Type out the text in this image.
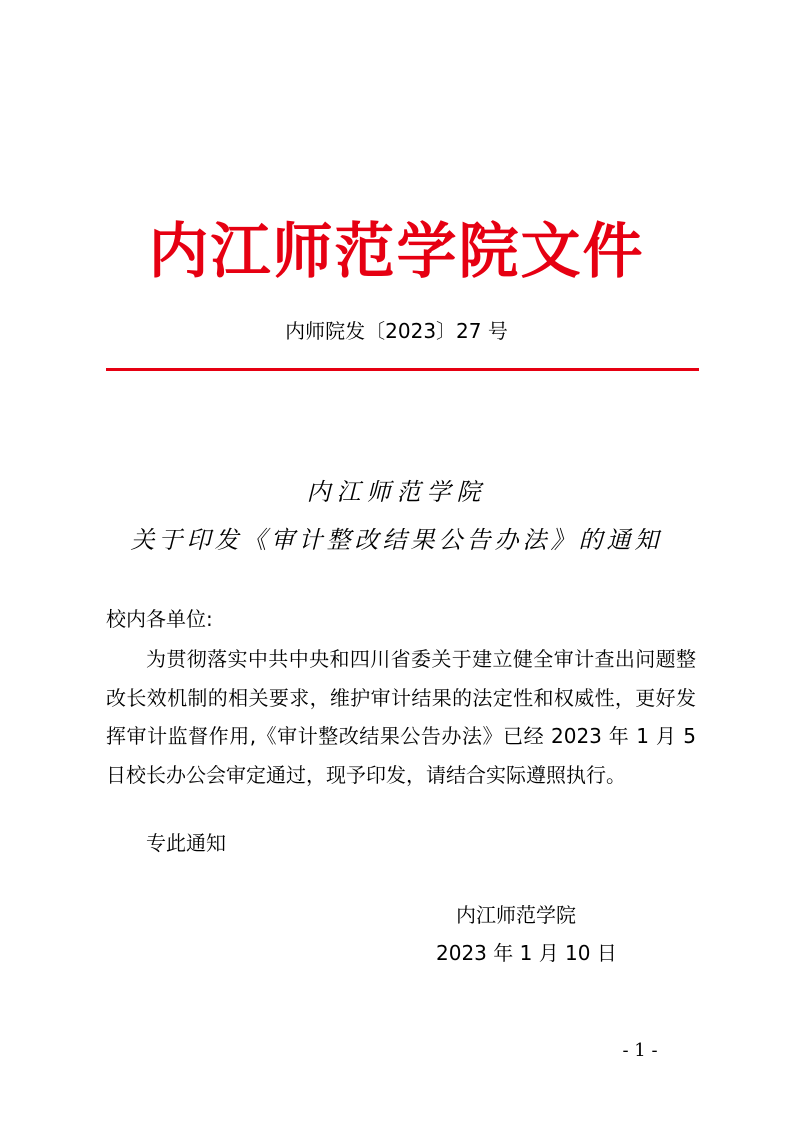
内江师范学院文件
内师院发〔2023〕27 号
内江师范学院
关于印发《审计整改结果公告办法》的通知
校内各单位:
为贯彻落实中共中央和四川省委关于建立健全审计查出问题整改长效机制的相关要求，维护审计结果的法定性和权威性，更好发挥审计监督作用,《审计整改结果公告办法》已经 2023 年 1 月 5 日校长办公会审定通过，现予印发，请结合实际遵照执行。
专此通知
内江师范学院
2023 年 1 月 10 日
- 1 -
